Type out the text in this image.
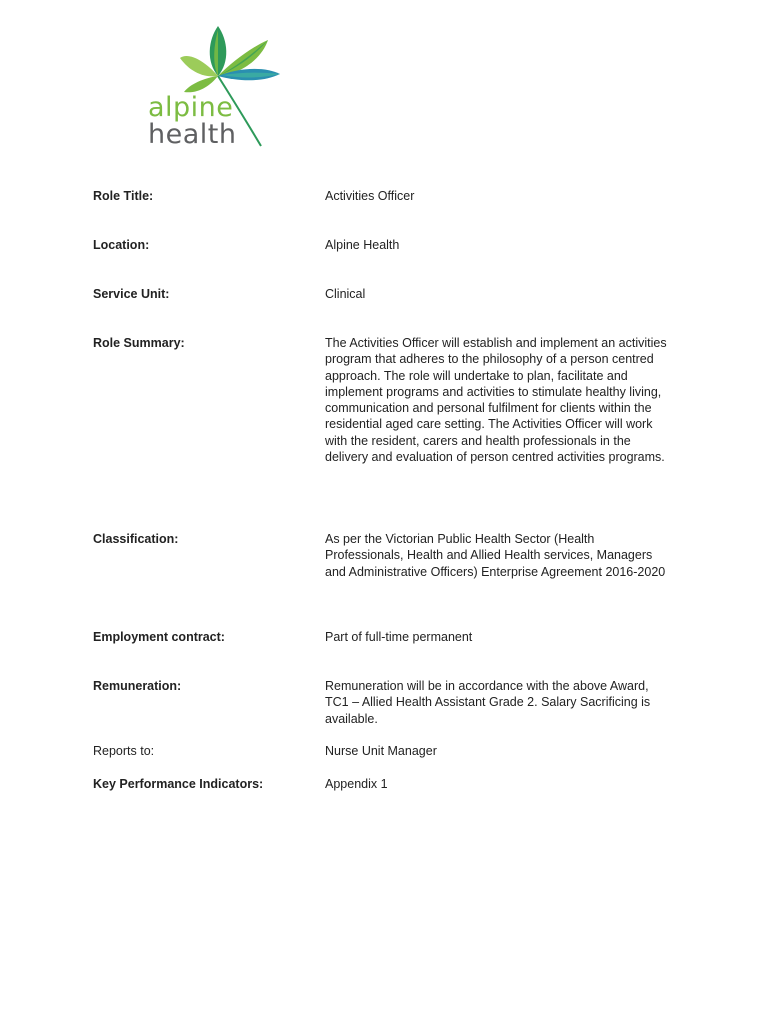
alpine
health
Role Title:	Activities Officer
Location:	Alpine Health
Service Unit:	Clinical
Role Summary:	The Activities Officer will establish and implement an activities program that adheres to the philosophy of a person centred approach. The role will undertake to plan, facilitate and implement programs and activities to stimulate healthy living, communication and personal fulfilment for clients within the residential aged care setting. The Activities Officer will work with the resident, carers and health professionals in the delivery and evaluation of person centred activities programs.
Classification:	As per the Victorian Public Health Sector (Health Professionals, Health and Allied Health services, Managers and Administrative Officers) Enterprise Agreement 2016-2020
Employment contract:	Part of full-time permanent
Remuneration:	Remuneration will be in accordance with the above Award, TC1 – Allied Health Assistant Grade 2. Salary Sacrificing is available.
Reports to:	Nurse Unit Manager
Key Performance Indicators:	Appendix 1
